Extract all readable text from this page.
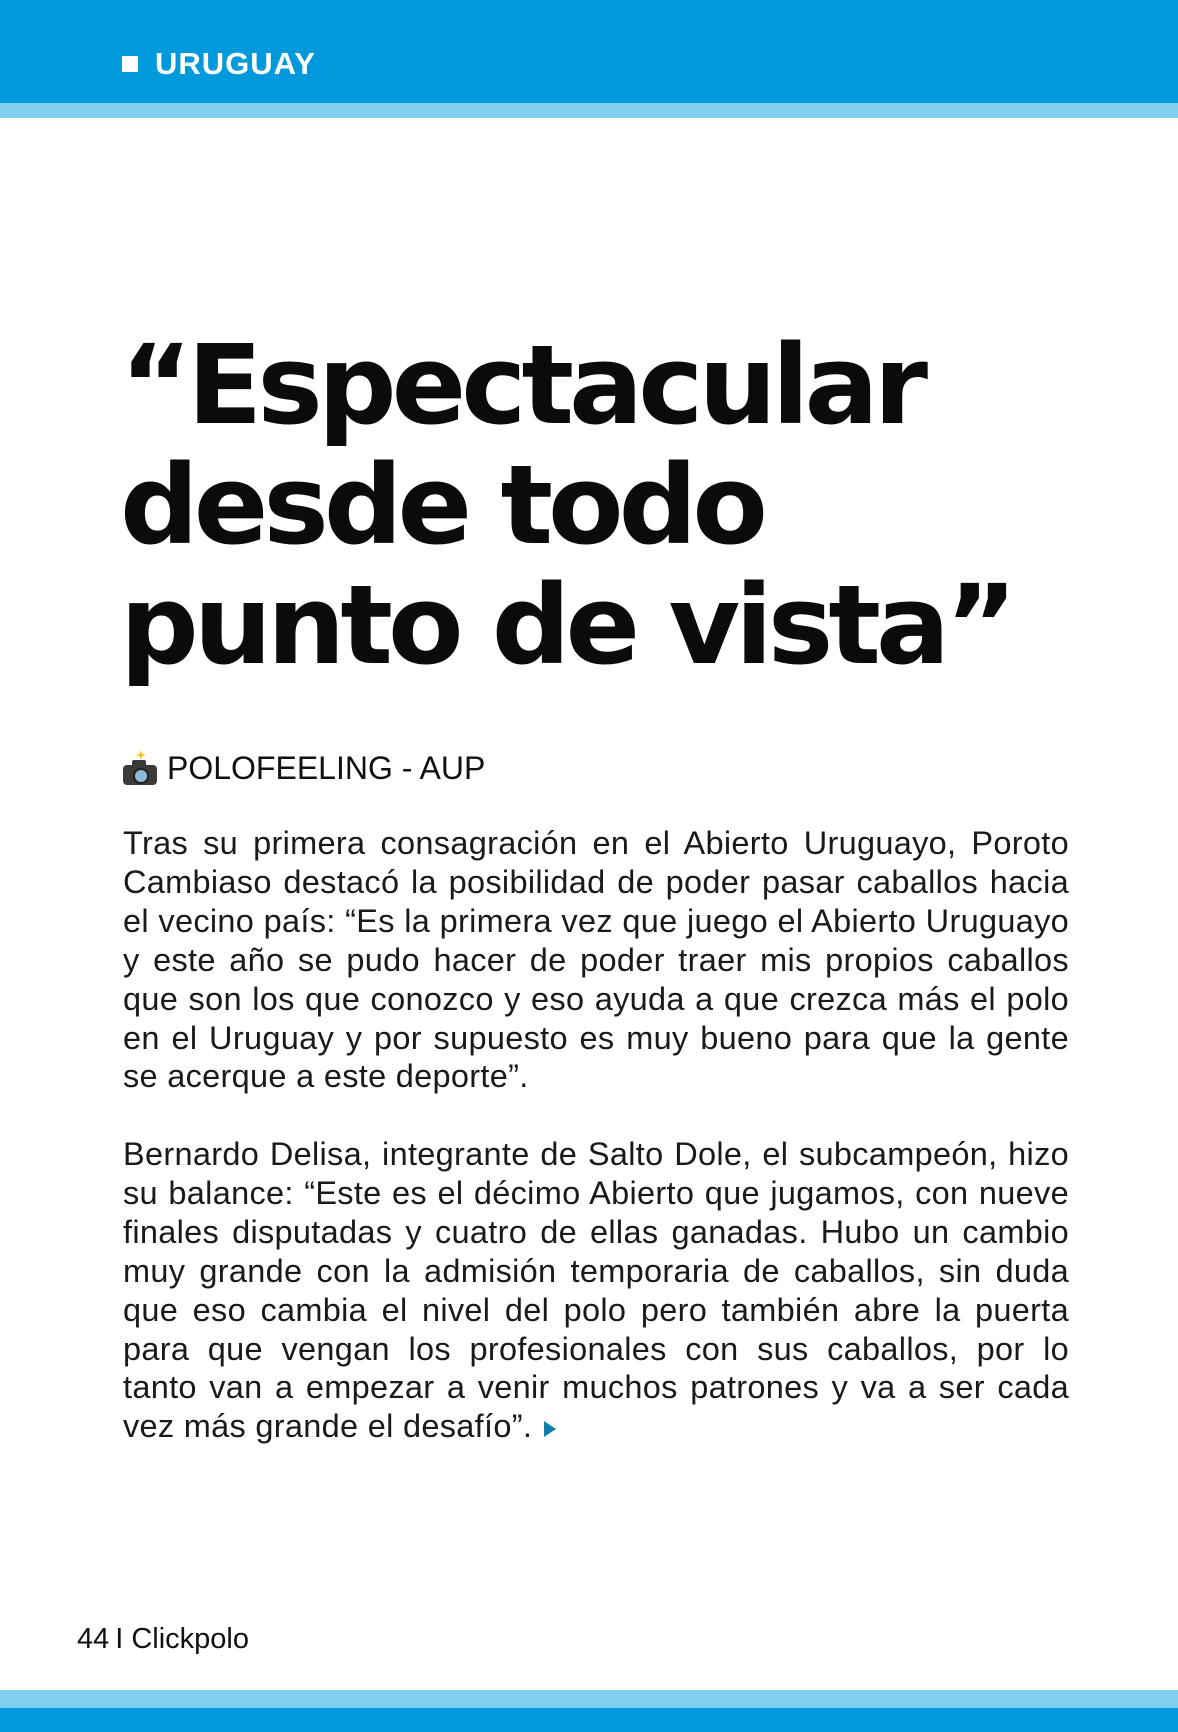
URUGUAY
“Espectacular
desde todo
punto de vista”
POLOFEELING - AUP

Tras su primera consagración en el Abierto Uruguayo, Poroto Cambiaso destacó la posibilidad de poder pasar caballos hacia el vecino país: “Es la primera vez que juego el Abierto Uruguayo y este año se pudo hacer de poder traer mis propios caballos que son los que conozco y eso ayuda a que crezca más el polo en el Uruguay y por supuesto es muy bueno para que la gente se acerque a este deporte”.

Bernardo Delisa, integrante de Salto Dole, el subcampeón, hizo su balance: “Este es el décimo Abierto que jugamos, con nueve finales disputadas y cuatro de ellas ganadas. Hubo un cambio muy grande con la admisión temporaria de caballos, sin duda que eso cambia el nivel del polo pero también abre la puerta para que vengan los profesionales con sus caballos, por lo tanto van a empezar a venir muchos patrones y va a ser cada vez más grande el desafío”.

44 I Clickpolo
